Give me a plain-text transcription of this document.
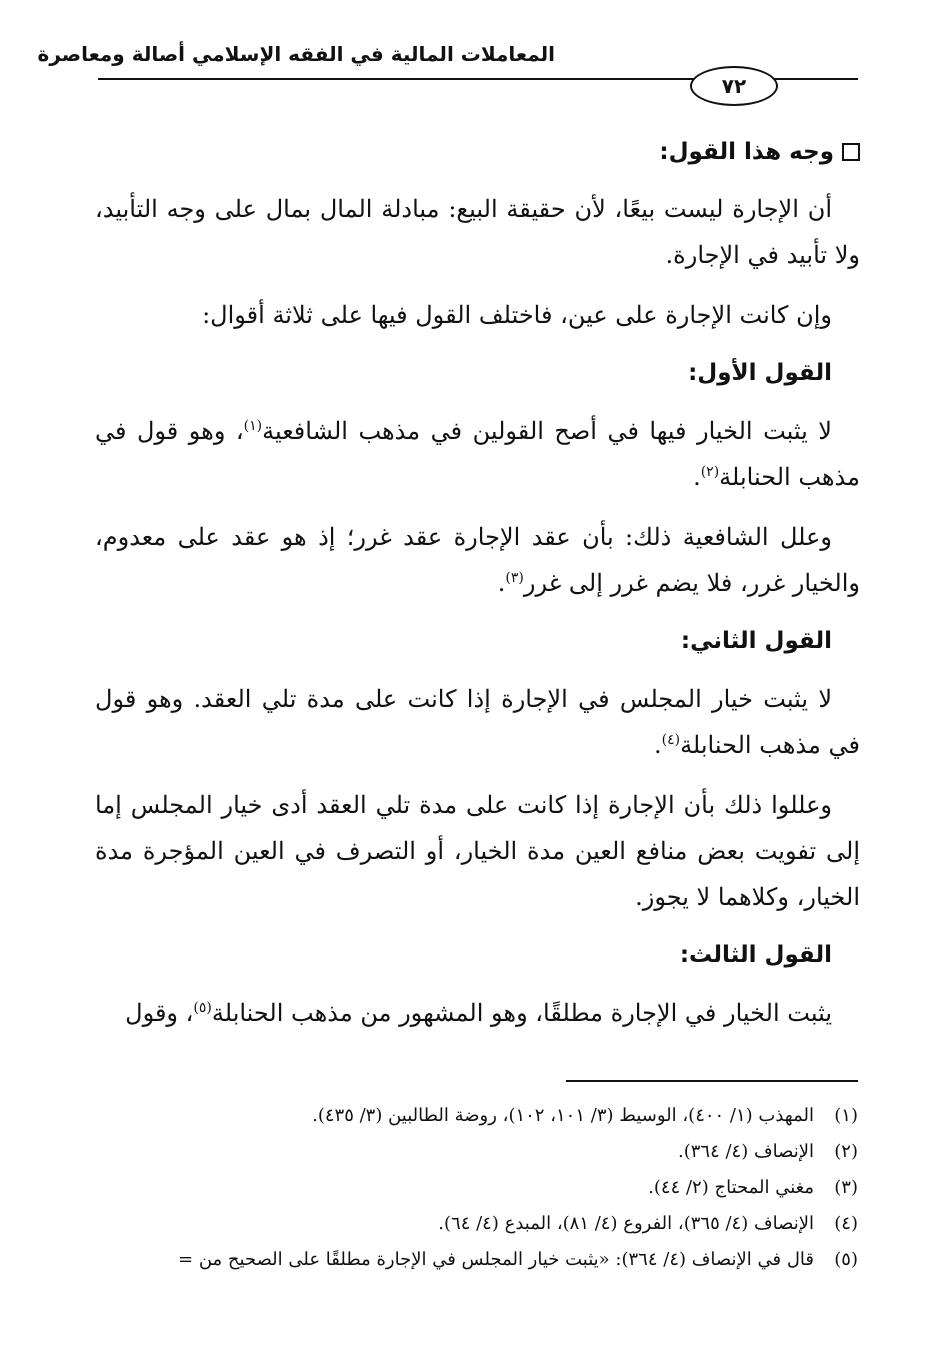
المعاملات المالية في الفقه الإسلامي أصالة ومعاصرة
٧٢
وجه هذا القول:

أن الإجارة ليست بيعًا، لأن حقيقة البيع: مبادلة المال بمال على وجه التأبيد، ولا تأبيد في الإجارة.

وإن كانت الإجارة على عين، فاختلف القول فيها على ثلاثة أقوال:

القول الأول:

لا يثبت الخيار فيها في أصح القولين في مذهب الشافعية$^{(١)}$، وهو قول في مذهب الحنابلة$^{(٢)}$.

وعلل الشافعية ذلك: بأن عقد الإجارة عقد غرر؛ إذ هو عقد على معدوم، والخيار غرر، فلا يضم غرر إلى غرر$^{(٣)}$.

القول الثاني:

لا يثبت خيار المجلس في الإجارة إذا كانت على مدة تلي العقد. وهو قول في مذهب الحنابلة$^{(٤)}$.

وعللوا ذلك بأن الإجارة إذا كانت على مدة تلي العقد أدى خيار المجلس إما إلى تفويت بعض منافع العين مدة الخيار، أو التصرف في العين المؤجرة مدة الخيار، وكلاهما لا يجوز.

القول الثالث:

يثبت الخيار في الإجارة مطلقًا، وهو المشهور من مذهب الحنابلة$^{(٥)}$، وقول

(١)
المهذب (١/ ٤٠٠)، الوسيط (٣/ ١٠١، ١٠٢)، روضة الطالبين (٣/ ٤٣٥).
(٢)
الإنصاف (٤/ ٣٦٤).
(٣)
مغني المحتاج (٢/ ٤٤).
(٤)
الإنصاف (٤/ ٣٦٥)، الفروع (٤/ ٨١)، المبدع (٤/ ٦٤).
(٥)
قال في الإنصاف (٤/ ٣٦٤): «يثبت خيار المجلس في الإجارة مطلقًا على الصحيح من =
